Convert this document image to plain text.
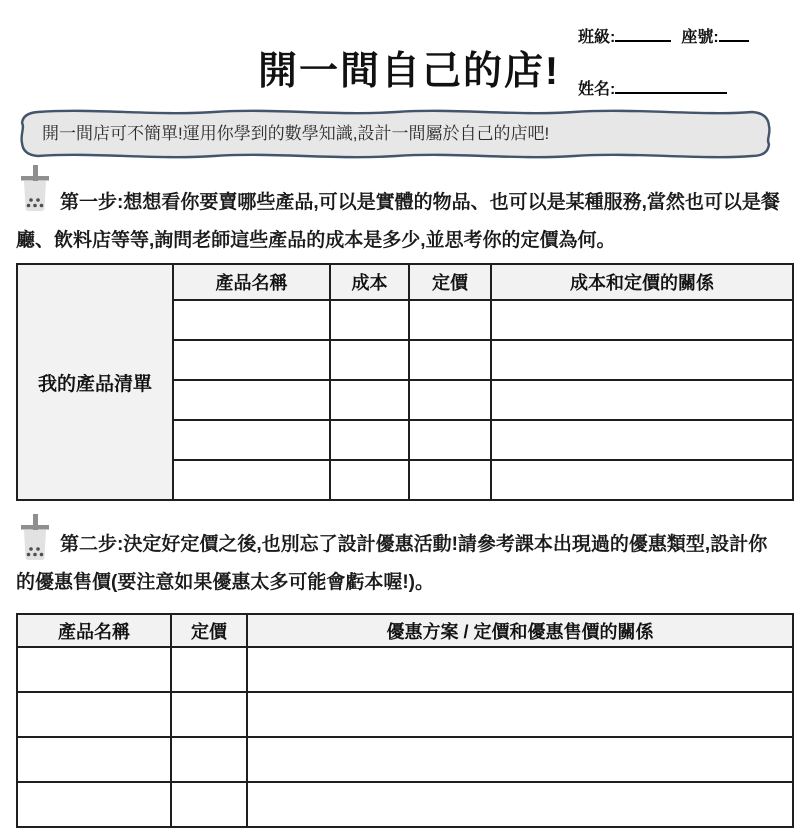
開一間自己的店!
班級:	座號:
姓名:
開一間店可不簡單!運用你學到的數學知識,設計一間屬於自己的店吧!
第一步:想想看你要賣哪些產品,可以是實體的物品、也可以是某種服務,當然也可以是餐廳、飲料店等等,詢問老師這些產品的成本是多少,並思考你的定價為何。
我的產品清單	產品名稱	成本	定價	成本和定價的關係

第二步:決定好定價之後,也別忘了設計優惠活動!請參考課本出現過的優惠類型,設計你的優惠售價(要注意如果優惠太多可能會虧本喔!)。
產品名稱	定價	優惠方案 / 定價和優惠售價的關係
